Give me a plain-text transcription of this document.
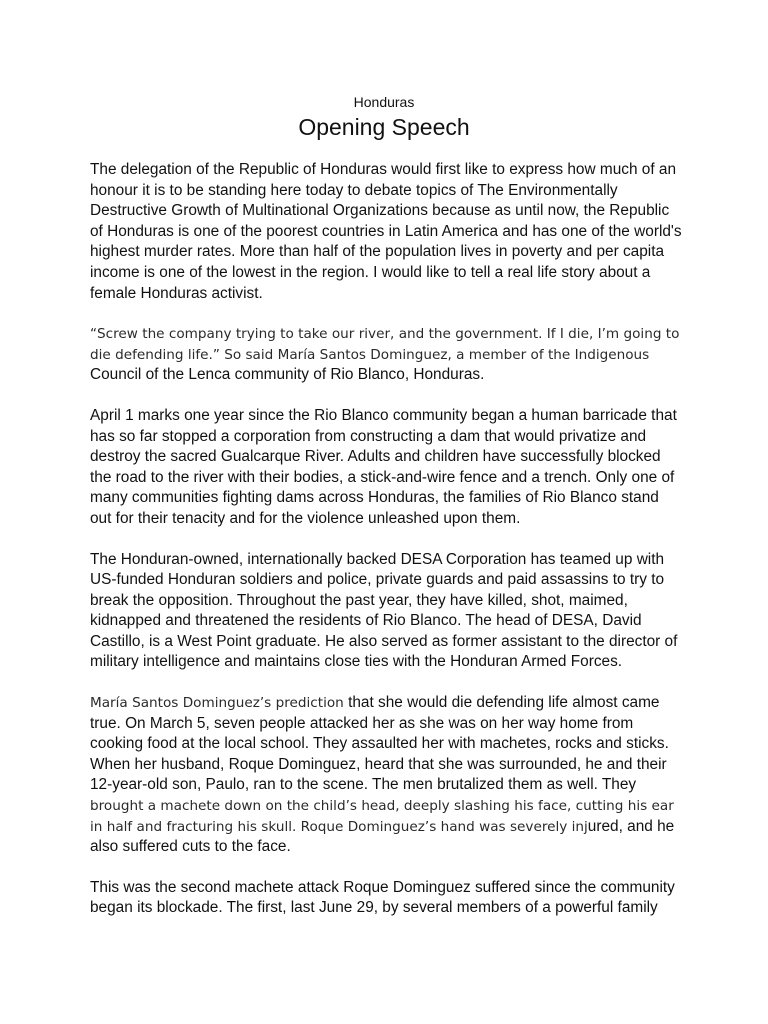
Honduras
Opening Speech

The delegation of the Republic of Honduras would first like to express how much of an honour it is to be standing here today to debate topics of The Environmentally Destructive Growth of Multinational Organizations because as until now, the Republic of Honduras is one of the poorest countries in Latin America and has one of the world's highest murder rates. More than half of the population lives in poverty and per capita income is one of the lowest in the region. I would like to tell a real life story about a female Honduras activist.

“Screw the company trying to take our river, and the government. If I die, I’m going to die defending life.” So said María Santos Dominguez, a member of the Indigenous Council of the Lenca community of Rio Blanco, Honduras.

April 1 marks one year since the Rio Blanco community began a human barricade that has so far stopped a corporation from constructing a dam that would privatize and destroy the sacred Gualcarque River. Adults and children have successfully blocked the road to the river with their bodies, a stick-and-wire fence and a trench. Only one of many communities fighting dams across Honduras, the families of Rio Blanco stand out for their tenacity and for the violence unleashed upon them.

The Honduran-owned, internationally backed DESA Corporation has teamed up with US-funded Honduran soldiers and police, private guards and paid assassins to try to break the opposition. Throughout the past year, they have killed, shot, maimed, kidnapped and threatened the residents of Rio Blanco. The head of DESA, David Castillo, is a West Point graduate. He also served as former assistant to the director of military intelligence and maintains close ties with the Honduran Armed Forces.

María Santos Dominguez’s prediction that she would die defending life almost came true. On March 5, seven people attacked her as she was on her way home from cooking food at the local school. They assaulted her with machetes, rocks and sticks. When her husband, Roque Dominguez, heard that she was surrounded, he and their 12-year-old son, Paulo, ran to the scene. The men brutalized them as well. They brought a machete down on the child’s head, deeply slashing his face, cutting his ear in half and fracturing his skull. Roque Dominguez’s hand was severely injured, and he also suffered cuts to the face.

This was the second machete attack Roque Dominguez suffered since the community began its blockade. The first, last June 29, by several members of a powerful family
